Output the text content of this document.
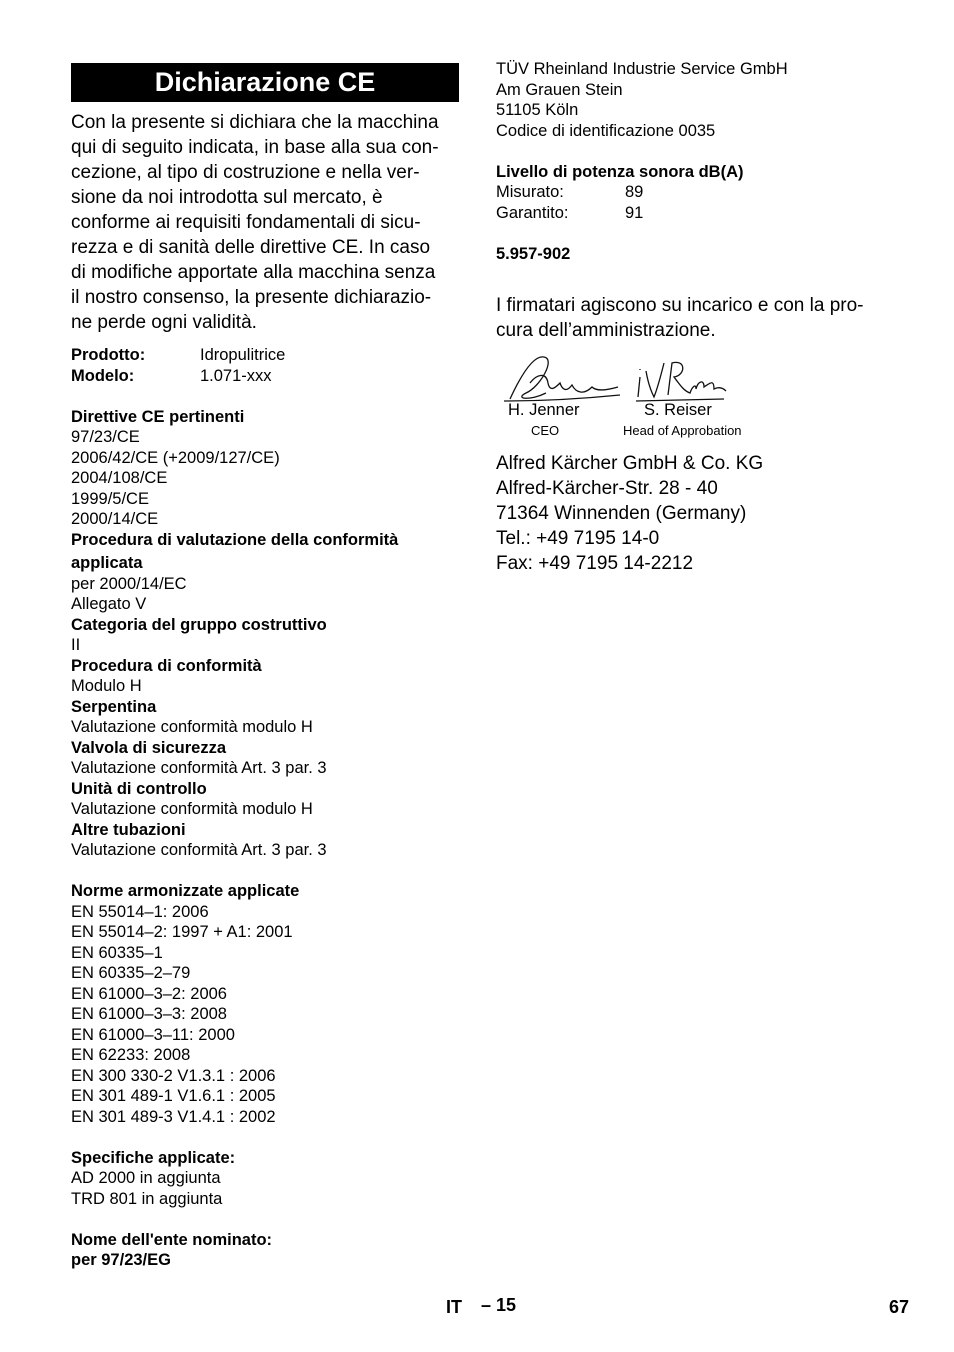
Dichiarazione CE
Con la presente si dichiara che la macchina
qui di seguito indicata, in base alla sua con-
cezione, al tipo di costruzione e nella ver-
sione da noi introdotta sul mercato, è
conforme ai requisiti fondamentali di sicu-
rezza e di sanità delle direttive CE. In caso
di modifiche apportate alla macchina senza
il nostro consenso, la presente dichiarazio-
ne perde ogni validità.
Prodotto:	Idropulitrice
Modelo:	1.071-xxx
Direttive CE pertinenti
97/23/CE
2006/42/CE (+2009/127/CE)
2004/108/CE
1999/5/CE
2000/14/CE
Procedura di valutazione della conformità
applicata
per 2000/14/EC
Allegato V
Categoria del gruppo costruttivo
II
Procedura di conformità
Modulo H
Serpentina
Valutazione conformità modulo H
Valvola di sicurezza
Valutazione conformità Art. 3 par. 3
Unità di controllo
Valutazione conformità modulo H
Altre tubazioni
Valutazione conformità Art. 3 par. 3
Norme armonizzate applicate
EN 55014–1: 2006
EN 55014–2: 1997 + A1: 2001
EN 60335–1
EN 60335–2–79
EN 61000–3–2: 2006
EN 61000–3–3: 2008
EN 61000–3–11: 2000
EN 62233: 2008
EN 300 330-2 V1.3.1 : 2006
EN 301 489-1 V1.6.1 : 2005
EN 301 489-3 V1.4.1 : 2002
Specifiche applicate:
AD 2000 in aggiunta
TRD 801 in aggiunta
Nome dell'ente nominato:
per 97/23/EG
TÜV Rheinland Industrie Service GmbH
Am Grauen Stein
51105 Köln
Codice di identificazione 0035
Livello di potenza sonora dB(A)
Misurato:	89
Garantito:	91
5.957-902
I firmatari agiscono su incarico e con la pro-
cura dell’amministrazione.
H. Jenner
CEO
S. Reiser
Head of Approbation
Alfred Kärcher GmbH & Co. KG
Alfred-Kärcher-Str. 28 - 40
71364 Winnenden (Germany)
Tel.: +49 7195 14-0
Fax: +49 7195 14-2212
IT – 15	67
